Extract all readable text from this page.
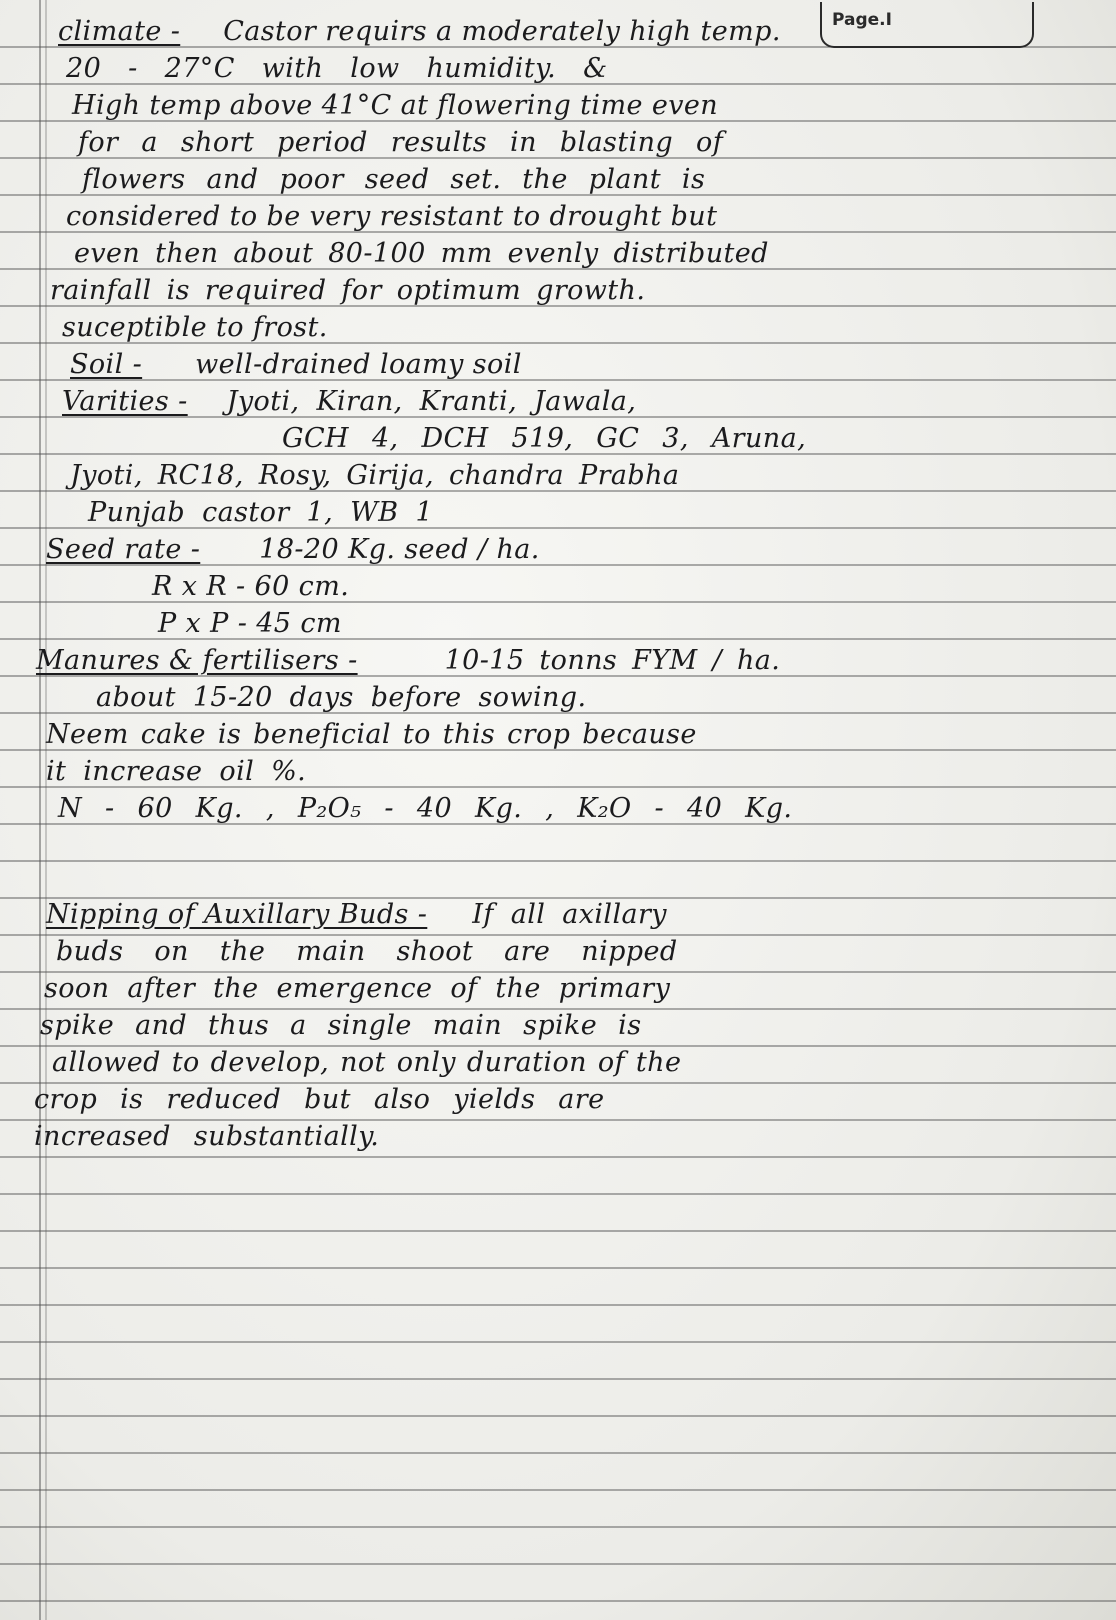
Page.I
climate - Castor requirs a moderately high temp.
20 - 27°C with low humidity. &
High temp above 41°C at flowering time even
for a short period results in blasting of
flowers and poor seed set. the plant is
considered to be very resistant to drought but
even then about 80-100 mm evenly distributed
rainfall is required for optimum growth.
suceptible to frost.
Soil - well-drained loamy soil
Varities - Jyoti, Kiran, Kranti, Jawala,
GCH 4, DCH 519, GC 3, Aruna,
Jyoti, RC18, Rosy, Girija, chandra Prabha
Punjab castor 1, WB 1
Seed rate - 18-20 Kg. seed / ha.
R x R - 60 cm.
P x P - 45 cm
Manures & fertilisers -	10-15 tonns FYM / ha.
about 15-20 days before sowing.
Neem cake is beneficial to this crop because
it increase oil %.
N - 60 Kg. , P₂O₅ - 40 Kg. , K₂O - 40 Kg.
Nipping of Auxillary Buds - If all axillary
buds on the main shoot are nipped
soon after the emergence of the primary
spike and thus a single main spike is
allowed to develop, not only duration of the
crop is reduced but also yields are
increased substantially.
